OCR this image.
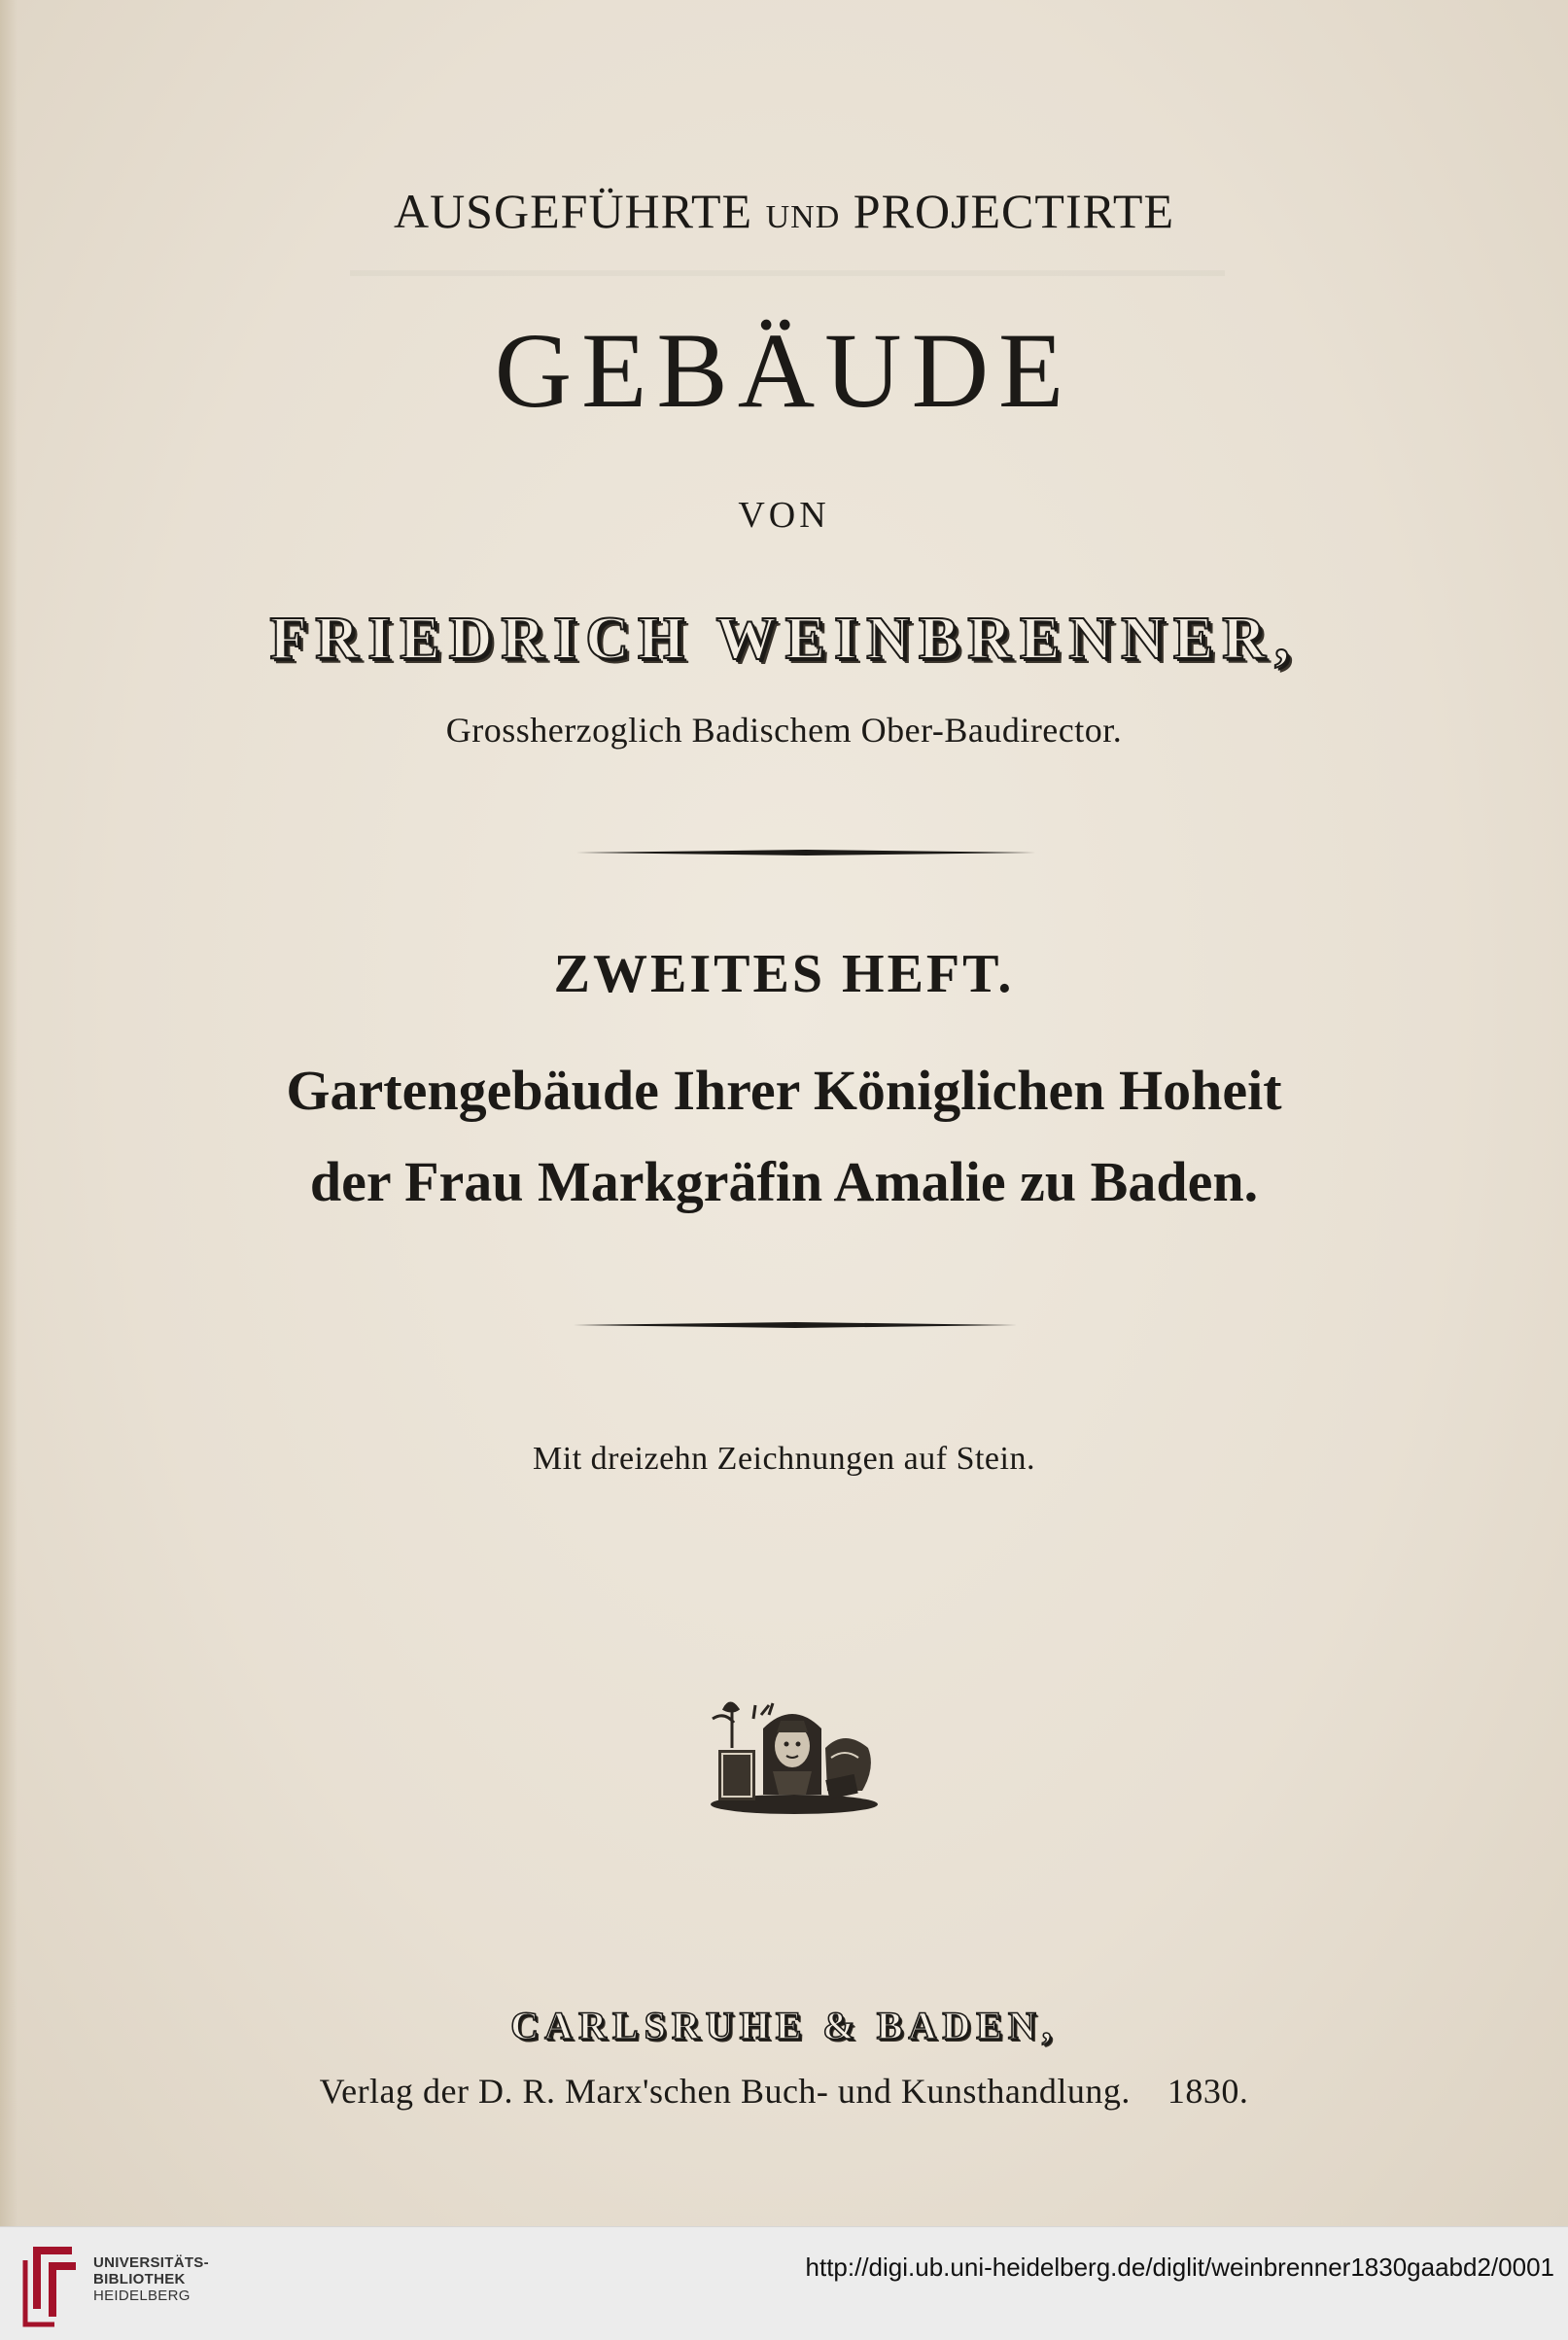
AUSGEFÜHRTE UND PROJECTIRTE
GEBÄUDE
VON
FRIEDRICH WEINBRENNER,
Grossherzoglich Badischem Ober-Baudirector.
ZWEITES HEFT.
Gartengebäude Ihrer Königlichen Hoheit
der Frau Markgräfin Amalie zu Baden.
Mit dreizehn Zeichnungen auf Stein.
CARLSRUHE & BADEN,
Verlag der D. R. Marx'schen Buch- und Kunsthandlung. 1830.
UNIVERSITÄTS-
BIBLIOTHEK
HEIDELBERG
http://digi.ub.uni-heidelberg.de/diglit/weinbrenner1830gaabd2/0001
